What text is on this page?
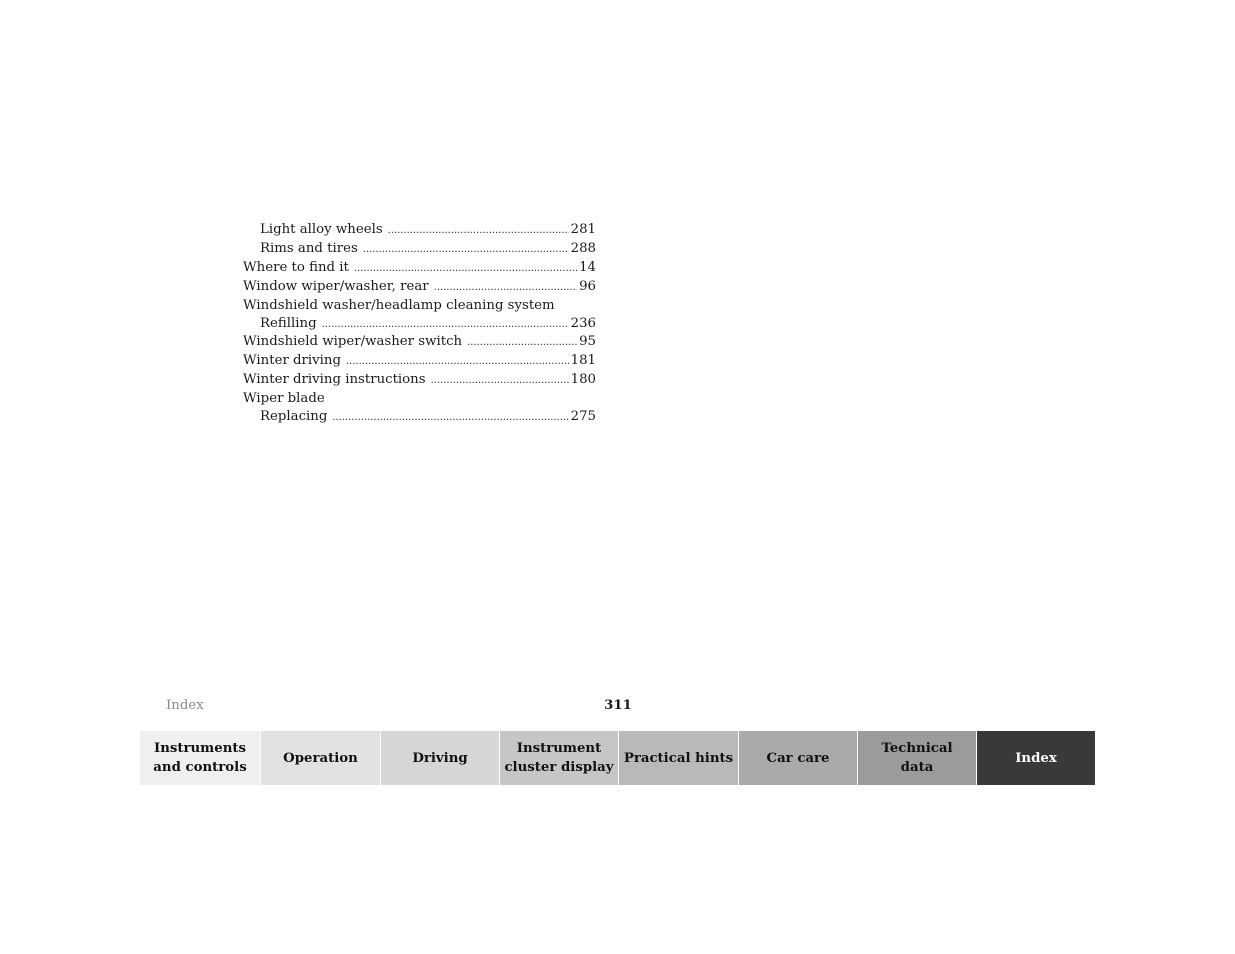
Light alloy wheels . . .	281
Rims and tires . . .	288
Where to find it . . .	14
Window wiper/washer, rear . . .	96
Windshield washer/headlamp cleaning system
Refilling . . .	236
Windshield wiper/washer switch . . .	95
Winter driving . . .	181
Winter driving instructions . . .	180
Wiper blade
Replacing . . .	275
Index	311
Instruments
and controls
Operation	Driving
Instrument
cluster display
Practical hints	Car care
Technical
data
Index
